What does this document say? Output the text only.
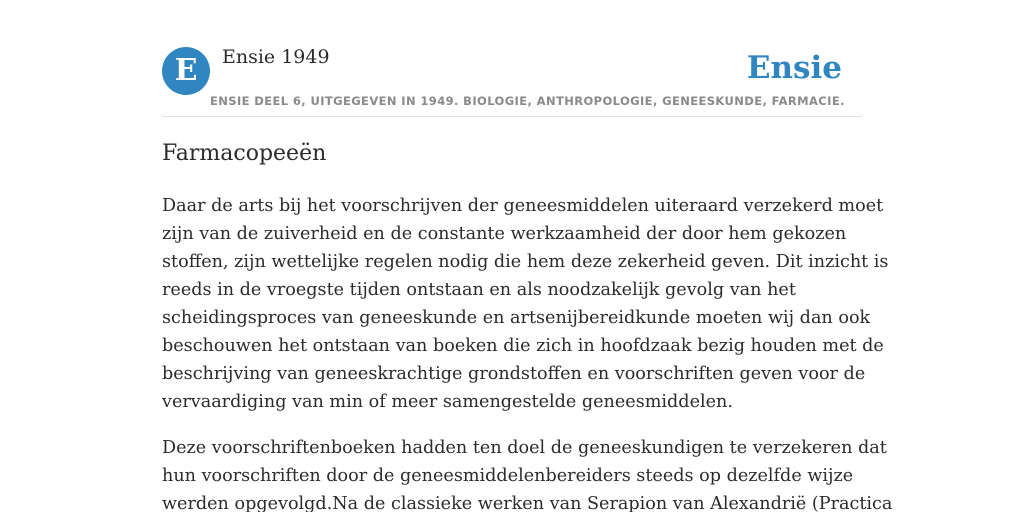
E	Ensie 1949
ENSIE DEEL 6, UITGEGEVEN IN 1949. BIOLOGIE, ANTHROPOLOGIE, GENEESKUNDE, FARMACIE.
Ensie
Farmacopeeën

Daar de arts bij het voorschrijven der geneesmiddelen uiteraard verzekerd moet
zijn van de zuiverheid en de constante werkzaamheid der door hem gekozen
stoffen, zijn wettelijke regelen nodig die hem deze zekerheid geven. Dit inzicht is
reeds in de vroegste tijden ontstaan en als noodzakelijk gevolg van het
scheidingsproces van geneeskunde en artsenijbereidkunde moeten wij dan ook
beschouwen het ontstaan van boeken die zich in hoofdzaak bezig houden met de
beschrijving van geneeskrachtige grondstoffen en voorschriften geven voor de
vervaardiging van min of meer samengestelde geneesmiddelen.

Deze voorschriftenboeken hadden ten doel de geneeskundigen te verzekeren dat
hun voorschriften door de geneesmiddelenbereiders steeds op dezelfde wijze
werden opgevolgd.Na de classieke werken van Serapion van Alexandrië (Practica
